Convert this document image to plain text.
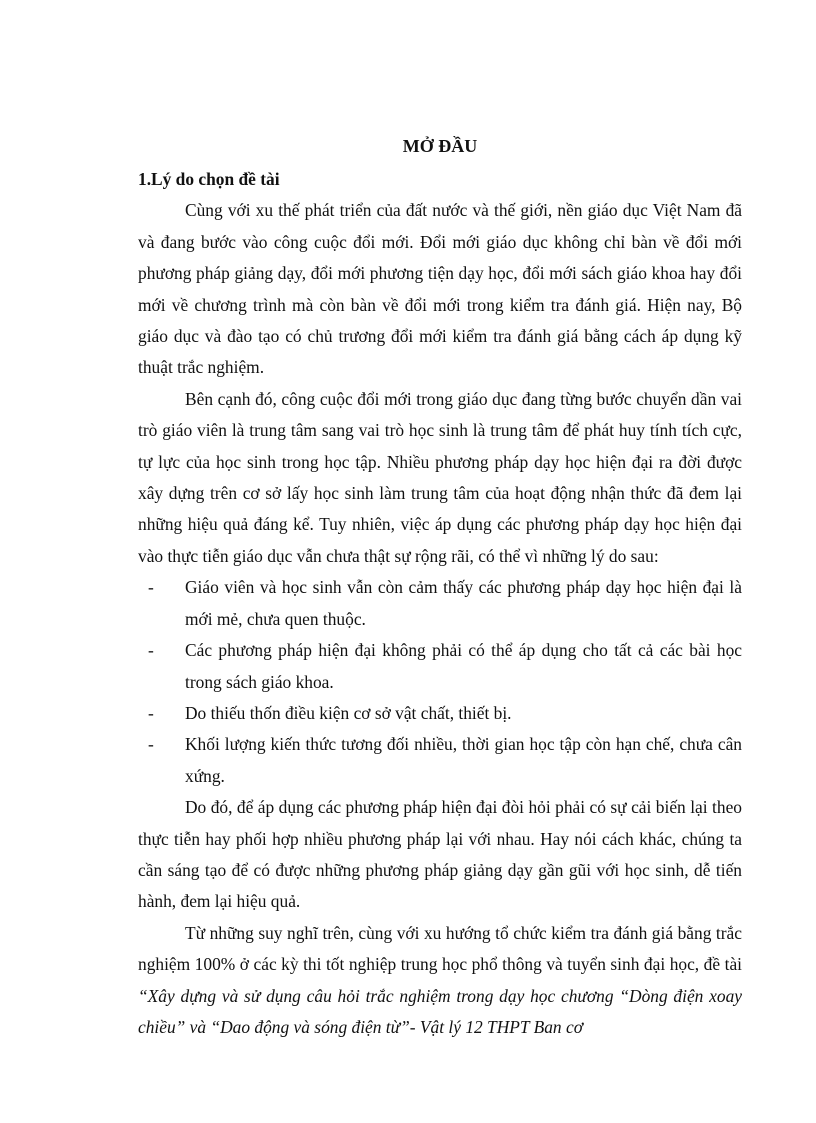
MỞ ĐẦU

1.Lý do chọn đề tài

Cùng với xu thế phát triển của đất nước và thế giới, nền giáo dục Việt Nam đã và đang bước vào công cuộc đổi mới. Đổi mới giáo dục không chỉ bàn về đổi mới phương pháp giảng dạy, đổi mới phương tiện dạy học, đổi mới sách giáo khoa hay đổi mới về chương trình mà còn bàn về đổi mới trong kiểm tra đánh giá. Hiện nay, Bộ giáo dục và đào tạo có chủ trương đổi mới kiểm tra đánh giá bằng cách áp dụng kỹ thuật trắc nghiệm.

Bên cạnh đó, công cuộc đổi mới trong giáo dục đang từng bước chuyển dần vai trò giáo viên là trung tâm sang vai trò học sinh là trung tâm để phát huy tính tích cực, tự lực của học sinh trong học tập. Nhiều phương pháp dạy học hiện đại ra đời được xây dựng trên cơ sở lấy học sinh làm trung tâm của hoạt động nhận thức đã đem lại những hiệu quả đáng kể. Tuy nhiên, việc áp dụng các phương pháp dạy học hiện đại vào thực tiễn giáo dục vẫn chưa thật sự rộng rãi, có thể vì những lý do sau:

- Giáo viên và học sinh vẫn còn cảm thấy các phương pháp dạy học hiện đại là mới mẻ, chưa quen thuộc.
- Các phương pháp hiện đại không phải có thể áp dụng cho tất cả các bài học trong sách giáo khoa.
- Do thiếu thốn điều kiện cơ sở vật chất, thiết bị.
- Khối lượng kiến thức tương đối nhiều, thời gian học tập còn hạn chế, chưa cân xứng.

Do đó, để áp dụng các phương pháp hiện đại đòi hỏi phải có sự cải biến lại theo thực tiễn hay phối hợp nhiều phương pháp lại với nhau. Hay nói cách khác, chúng ta cần sáng tạo để có được những phương pháp giảng dạy gần gũi với học sinh, dễ tiến hành, đem lại hiệu quả.

Từ những suy nghĩ trên, cùng với xu hướng tổ chức kiểm tra đánh giá bằng trắc nghiệm 100% ở các kỳ thi tốt nghiệp trung học phổ thông và tuyển sinh đại học, đề tài “Xây dựng và sử dụng câu hỏi trắc nghiệm trong dạy học chương “Dòng điện xoay chiều” và “Dao động và sóng điện từ”- Vật lý 12 THPT Ban cơ
